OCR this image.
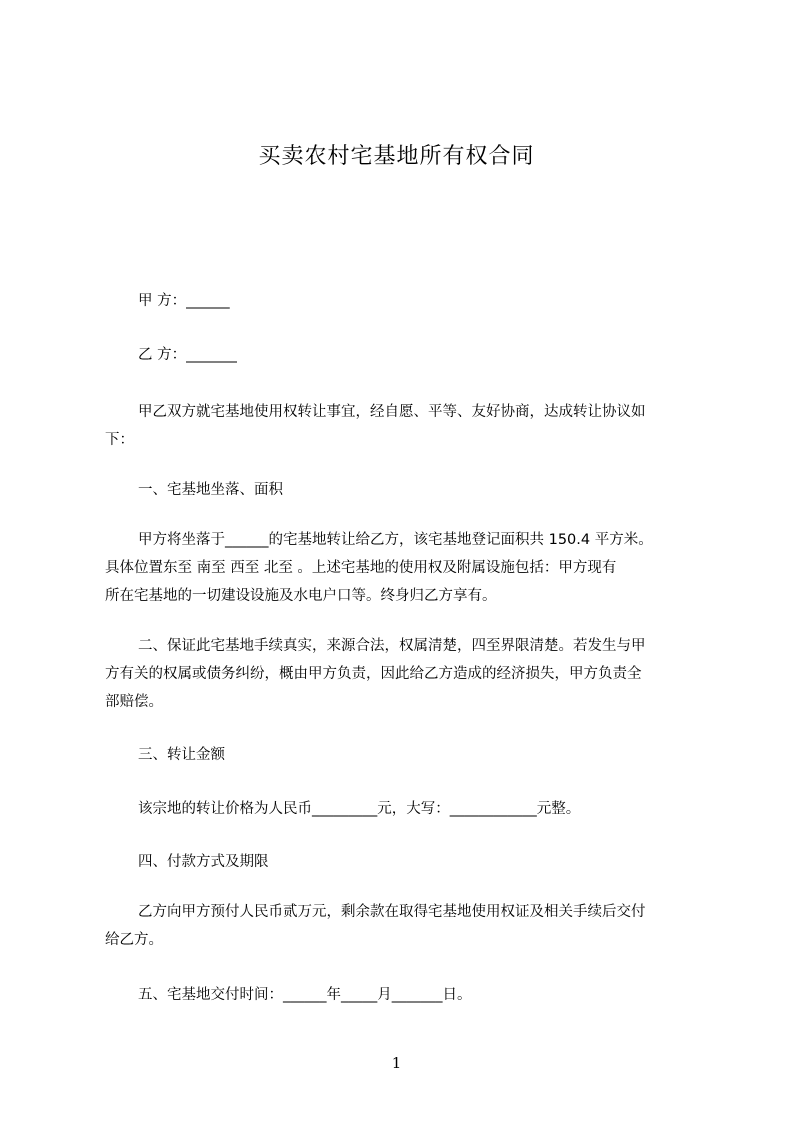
买卖农村宅基地所有权合同
甲 方：______
乙 方：_______
甲乙双方就宅基地使用权转让事宜，经自愿、平等、友好协商，达成转让协议如
下：
一、宅基地坐落、面积
甲方将坐落于______的宅基地转让给乙方，该宅基地登记面积共 150.4 平方米。
具体位置东至 南至 西至 北至 。上述宅基地的使用权及附属设施包括：甲方现有
所在宅基地的一切建设设施及水电户口等。终身归乙方享有。
二、保证此宅基地手续真实，来源合法，权属清楚，四至界限清楚。若发生与甲
方有关的权属或债务纠纷，概由甲方负责，因此给乙方造成的经济损失，甲方负责全
部赔偿。
三、转让金额
该宗地的转让价格为人民币_________元，大写：____________元整。
四、付款方式及期限
乙方向甲方预付人民币贰万元，剩余款在取得宅基地使用权证及相关手续后交付
给乙方。
五、宅基地交付时间：______年_____月_______日。
1
